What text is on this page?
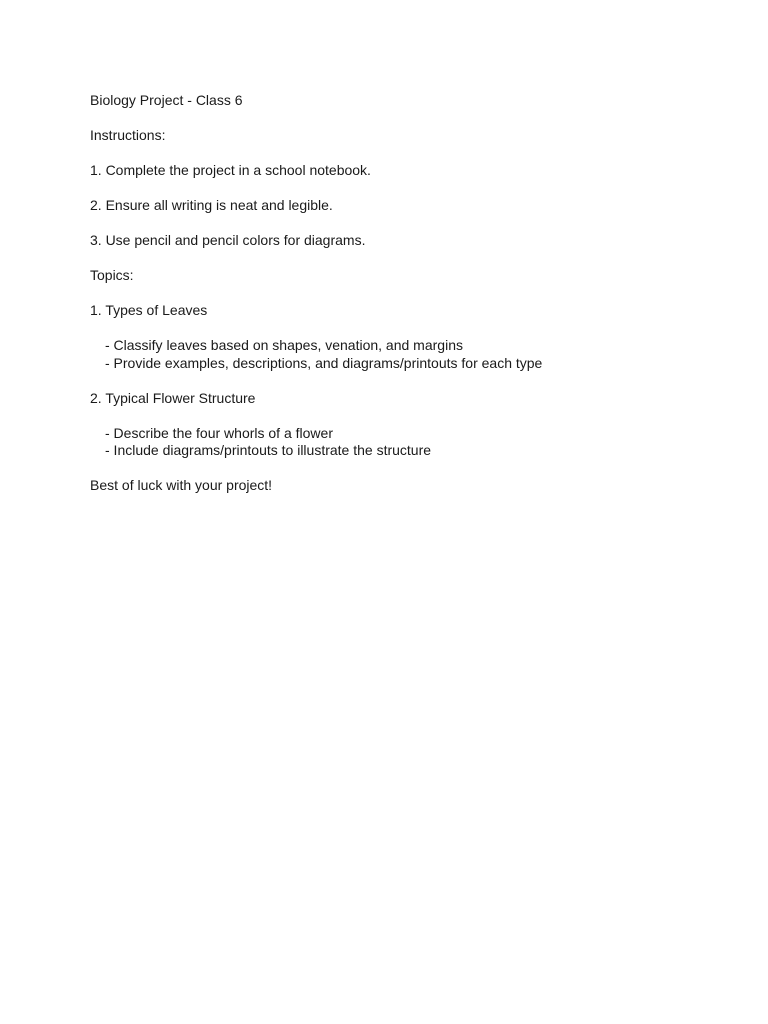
Biology Project - Class 6

Instructions:

1. Complete the project in a school notebook.

2. Ensure all writing is neat and legible.

3. Use pencil and pencil colors for diagrams.

Topics:

1. Types of Leaves

- Classify leaves based on shapes, venation, and margins

- Provide examples, descriptions, and diagrams/printouts for each type

2. Typical Flower Structure

- Describe the four whorls of a flower

- Include diagrams/printouts to illustrate the structure

Best of luck with your project!
